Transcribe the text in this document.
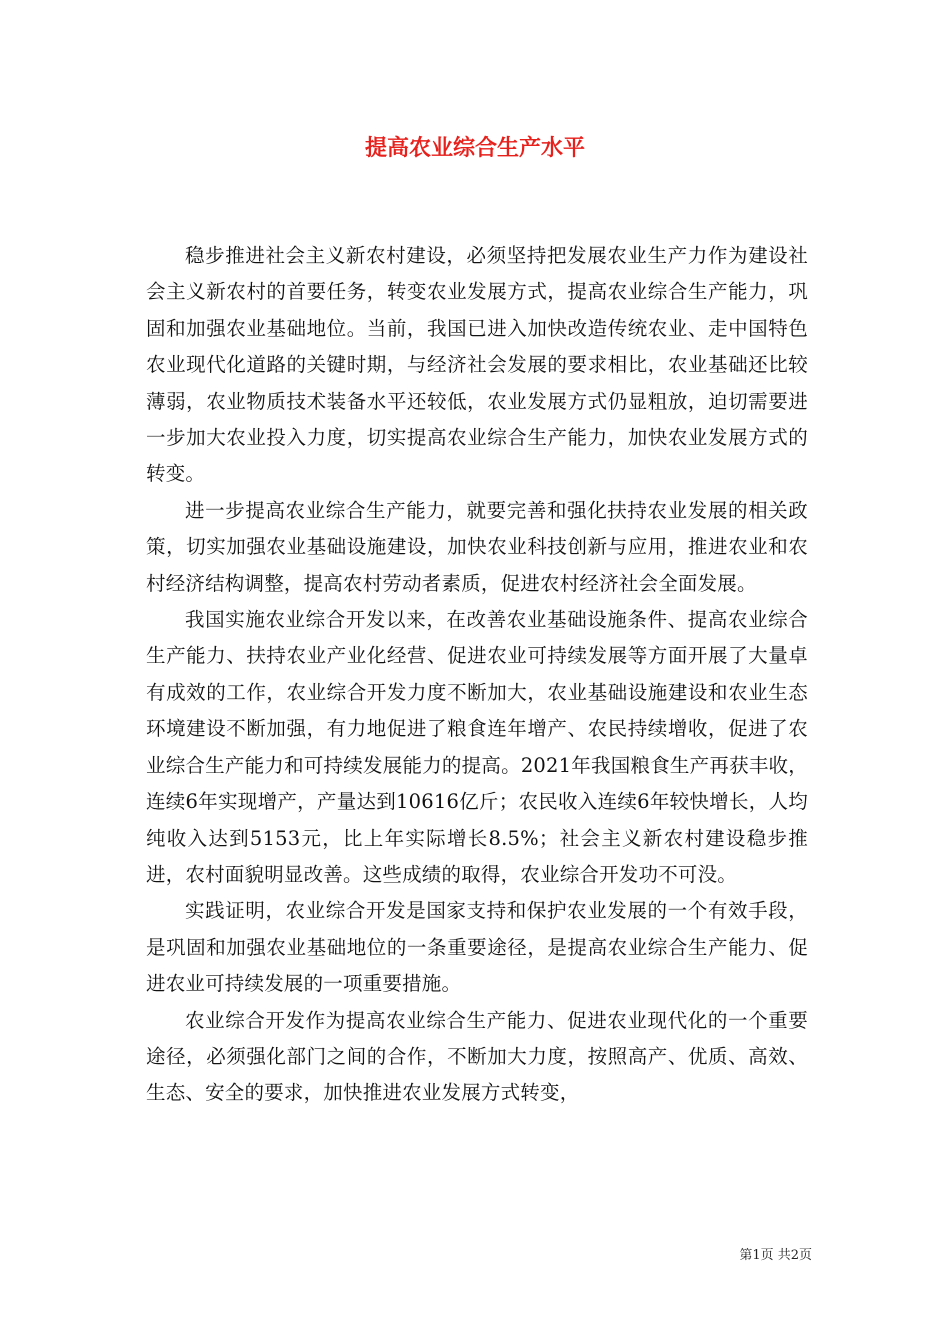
提高农业综合生产水平

稳步推进社会主义新农村建设，必须坚持把发展农业生产力作为建设社会主义新农村的首要任务，转变农业发展方式，提高农业综合生产能力，巩固和加强农业基础地位。当前，我国已进入加快改造传统农业、走中国特色农业现代化道路的关键时期，与经济社会发展的要求相比，农业基础还比较薄弱，农业物质技术装备水平还较低，农业发展方式仍显粗放，迫切需要进一步加大农业投入力度，切实提高农业综合生产能力，加快农业发展方式的转变。

进一步提高农业综合生产能力，就要完善和强化扶持农业发展的相关政策，切实加强农业基础设施建设，加快农业科技创新与应用，推进农业和农村经济结构调整，提高农村劳动者素质，促进农村经济社会全面发展。

我国实施农业综合开发以来，在改善农业基础设施条件、提高农业综合生产能力、扶持农业产业化经营、促进农业可持续发展等方面开展了大量卓有成效的工作，农业综合开发力度不断加大，农业基础设施建设和农业生态环境建设不断加强，有力地促进了粮食连年增产、农民持续增收，促进了农业综合生产能力和可持续发展能力的提高。2021年我国粮食生产再获丰收，连续6年实现增产，产量达到10616亿斤；农民收入连续6年较快增长，人均纯收入达到5153元，比上年实际增长8.5%；社会主义新农村建设稳步推进，农村面貌明显改善。这些成绩的取得，农业综合开发功不可没。

实践证明，农业综合开发是国家支持和保护农业发展的一个有效手段，是巩固和加强农业基础地位的一条重要途径，是提高农业综合生产能力、促进农业可持续发展的一项重要措施。

农业综合开发作为提高农业综合生产能力、促进农业现代化的一个重要途径，必须强化部门之间的合作，不断加大力度，按照高产、优质、高效、生态、安全的要求，加快推进农业发展方式转变，

第1页 共2页
